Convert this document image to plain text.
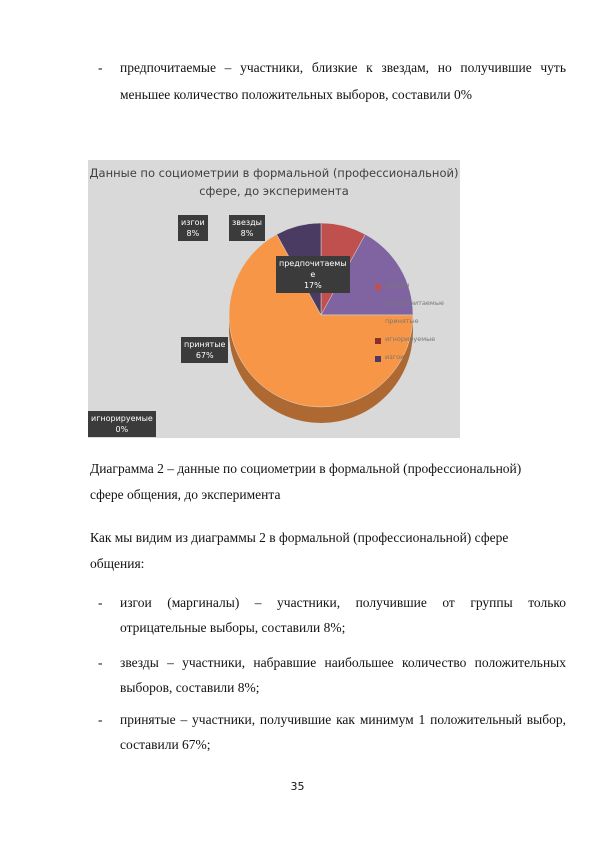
- предпочитаемые – участники, близкие к звездам, но получившие чуть меньшее количество положительных выборов, составили 0%
Данные по социометрии в формальной (профессиональной) сфере, до эксперимента
изгои
8%
звезды
8%
предпочитаемы
е
17%
принятые
67%
игнорируемые
0%
звезды
предпочитаемые
принятые
игнорируемые
изгои
Диаграмма 2 – данные по социометрии в формальной (профессиональной)
сфере общения, до эксперимента
Как мы видим из диаграммы 2 в формальной (профессиональной) сфере
общения:
- изгои (маргиналы) – участники, получившие от группы только
отрицательные выборы, составили 8%;
- звезды – участники, набравшие наибольшее количество положительных
выборов, составили 8%;
- принятые – участники, получившие как минимум 1 положительный выбор,
составили 67%;
35
